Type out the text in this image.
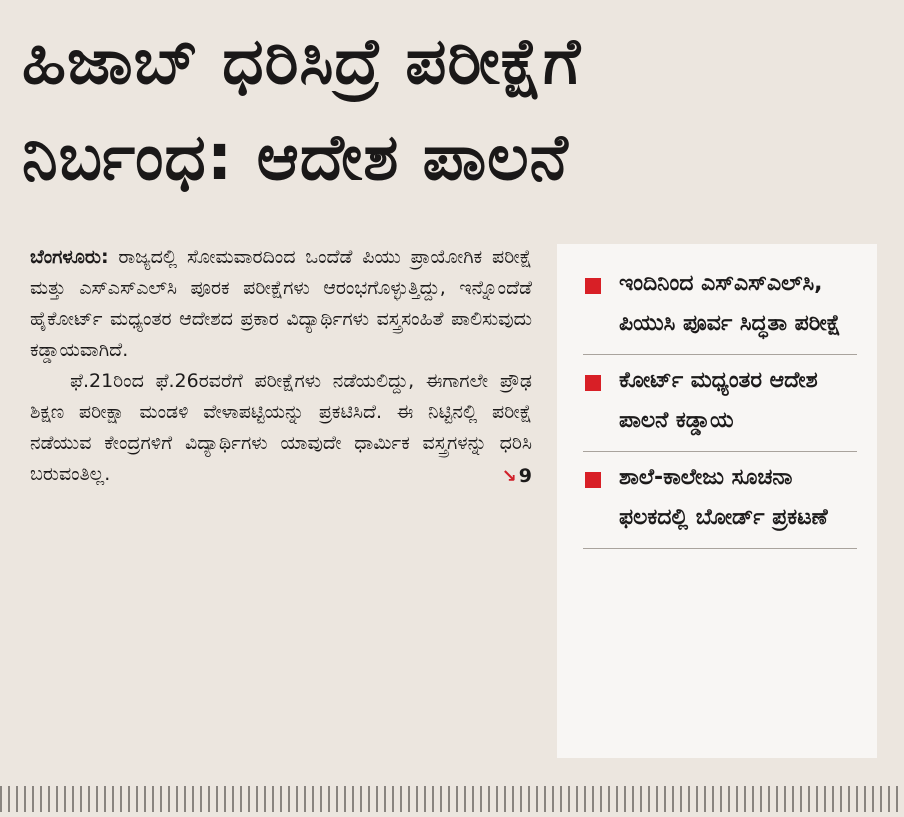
ಹಿಜಾಬ್ ಧರಿಸಿದ್ರೆ ಪರೀಕ್ಷೆಗೆ
ನಿರ್ಬಂಧ: ಆದೇಶ ಪಾಲನೆ

ಬೆಂಗಳೂರು: ರಾಜ್ಯದಲ್ಲಿ ಸೋಮವಾರದಿಂದ ಒಂದೆಡೆ ಪಿಯು ಪ್ರಾಯೋಗಿಕ ಪರೀಕ್ಷೆ ಮತ್ತು ಎಸ್‌ಎಸ್‌ಎಲ್‌ಸಿ ಪೂರಕ ಪರೀಕ್ಷೆಗಳು ಆರಂಭಗೊಳ್ಳುತ್ತಿದ್ದು, ಇನ್ನೊಂದೆಡೆ ಹೈಕೋರ್ಟ್ ಮಧ್ಯಂತರ ಆದೇಶದ ಪ್ರಕಾರ ವಿದ್ಯಾರ್ಥಿಗಳು ವಸ್ತ್ರಸಂಹಿತೆ ಪಾಲಿಸುವುದು ಕಡ್ಡಾಯವಾಗಿದೆ.

ಫೆ.21ರಿಂದ ಫೆ.26ರವರೆಗೆ ಪರೀಕ್ಷೆಗಳು ನಡೆಯಲಿದ್ದು, ಈಗಾಗಲೇ ಪ್ರೌಢ ಶಿಕ್ಷಣ ಪರೀಕ್ಷಾ ಮಂಡಳಿ ವೇಳಾಪಟ್ಟಿಯನ್ನು ಪ್ರಕಟಿಸಿದೆ. ಈ ನಿಟ್ಟಿನಲ್ಲಿ ಪರೀಕ್ಷೆ ನಡೆಯುವ ಕೇಂದ್ರಗಳಿಗೆ ವಿದ್ಯಾರ್ಥಿಗಳು ಯಾವುದೇ ಧಾರ್ಮಿಕ ವಸ್ತ್ರಗಳನ್ನು ಧರಿಸಿ ಬರುವಂತಿಲ್ಲ.	↘ 9

ಇಂದಿನಿಂದ ಎಸ್‌ಎಸ್‌ಎಲ್‌ಸಿ, ಪಿಯುಸಿ ಪೂರ್ವ ಸಿದ್ಧತಾ ಪರೀಕ್ಷೆ
ಕೋರ್ಟ್ ಮಧ್ಯಂತರ ಆದೇಶ ಪಾಲನೆ ಕಡ್ಡಾಯ
ಶಾಲೆ-ಕಾಲೇಜು ಸೂಚನಾ ಫಲಕದಲ್ಲಿ ಬೋರ್ಡ್ ಪ್ರಕಟಣೆ
